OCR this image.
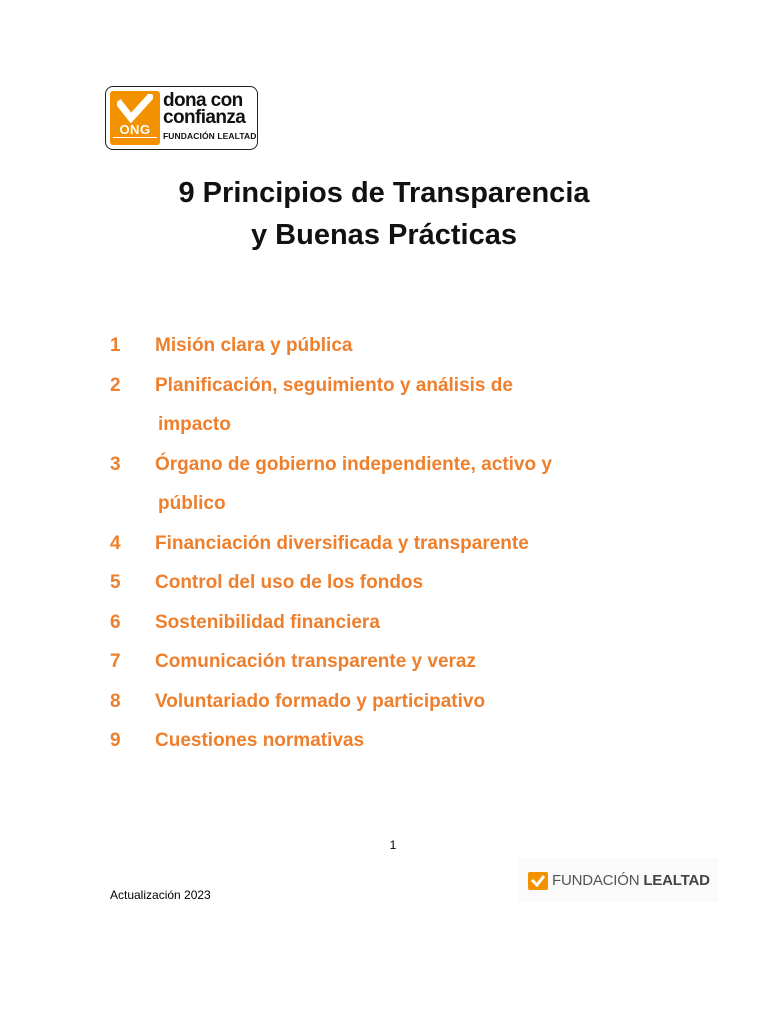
ONG
dona con
confianza
FUNDACIÓN LEALTAD
9 Principios de Transparencia
y Buenas Prácticas
1	Misión clara y pública
2	Planificación, seguimiento y análisis de
impacto
3	Órgano de gobierno independiente, activo y
público
4	Financiación diversificada y transparente
5	Control del uso de los fondos
6	Sostenibilidad financiera
7	Comunicación transparente y veraz
8	Voluntariado formado y participativo
9	Cuestiones normativas
1
Actualización 2023
FUNDACIÓN LEALTAD
